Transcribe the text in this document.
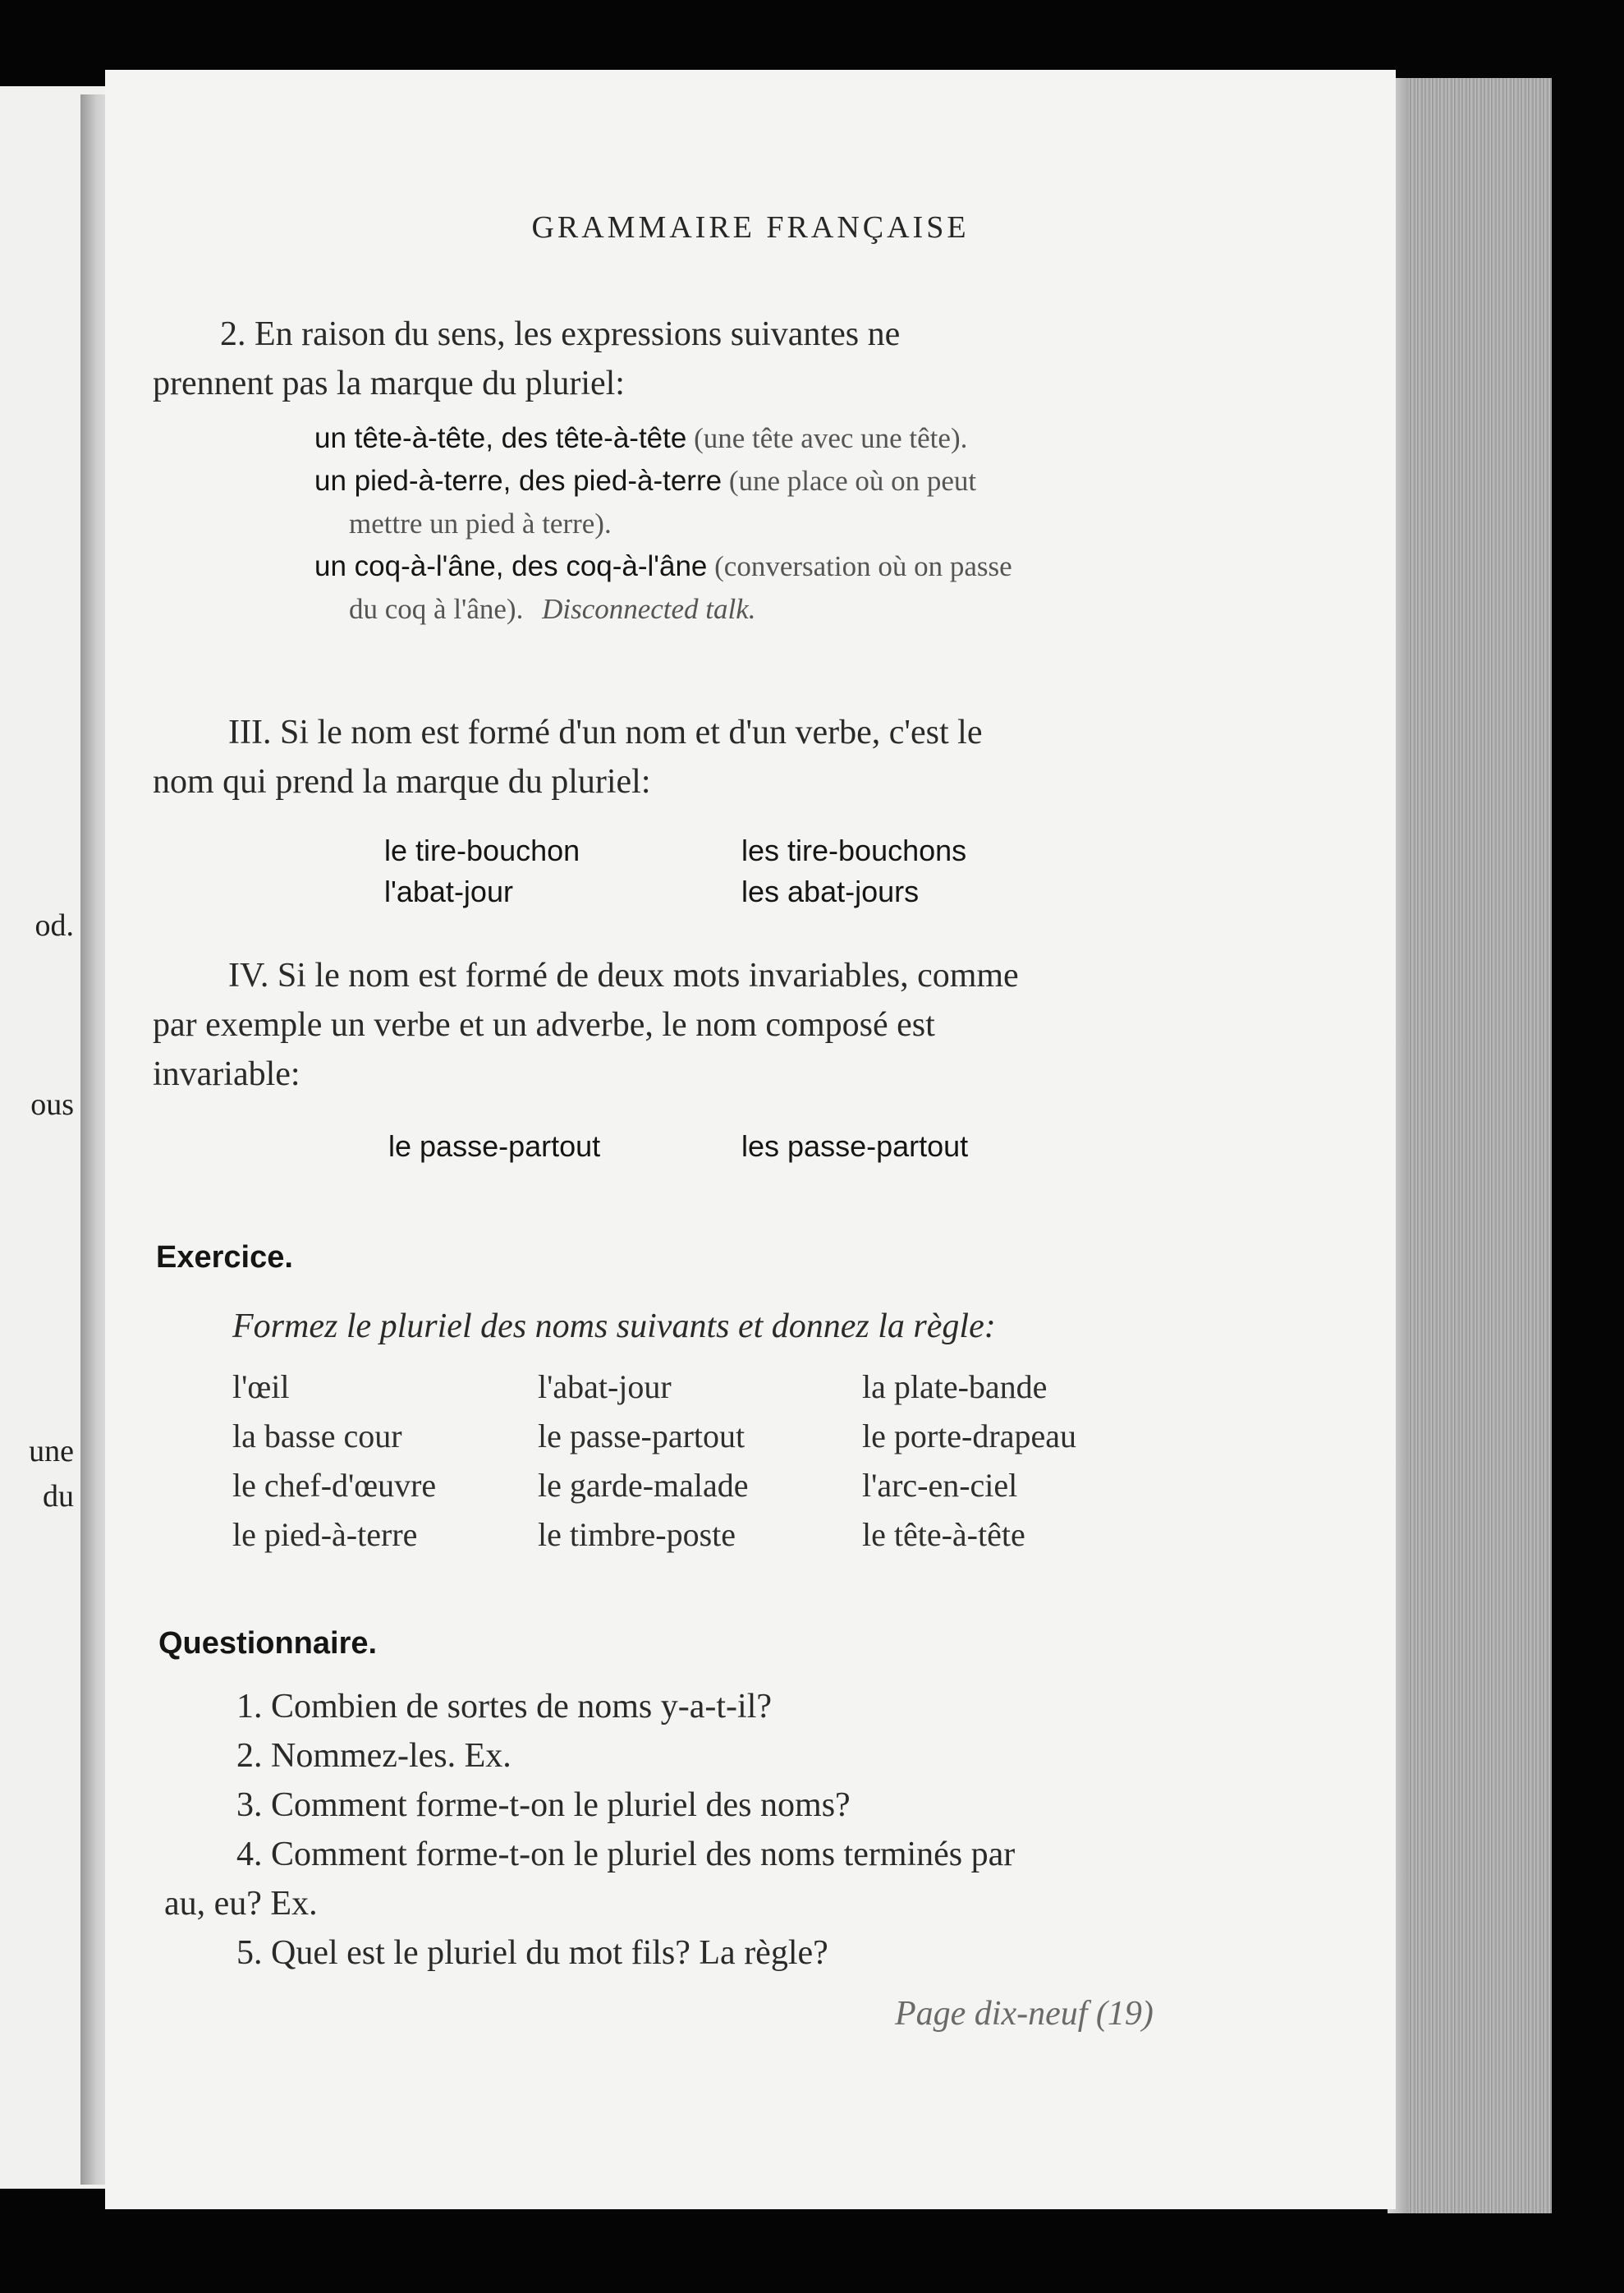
od.
ous
une
du
GRAMMAIRE FRANÇAISE
2. En raison du sens, les expressions suivantes ne
prennent pas la marque du pluriel:
un tête-à-tête, des tête-à-tête (une tête avec une tête).
un pied-à-terre, des pied-à-terre (une place où on peut
mettre un pied à terre).
un coq-à-l'âne, des coq-à-l'âne (conversation où on passe
du coq à l'âne). Disconnected talk.
III. Si le nom est formé d'un nom et d'un verbe, c'est le
nom qui prend la marque du pluriel:
le tire-bouchon	les tire-bouchons
l'abat-jour	les abat-jours
IV. Si le nom est formé de deux mots invariables, comme
par exemple un verbe et un adverbe, le nom composé est
invariable:
le passe-partout	les passe-partout
Exercice.
Formez le pluriel des noms suivants et donnez la règle:
l'œil	l'abat-jour	la plate-bande
la basse cour	le passe-partout	le porte-drapeau
le chef-d'œuvre	le garde-malade	l'arc-en-ciel
le pied-à-terre	le timbre-poste	le tête-à-tête
Questionnaire.
1. Combien de sortes de noms y-a-t-il?
2. Nommez-les. Ex.
3. Comment forme-t-on le pluriel des noms?
4. Comment forme-t-on le pluriel des noms terminés par
au, eu? Ex.
5. Quel est le pluriel du mot fils? La règle?
Page dix-neuf (19)
